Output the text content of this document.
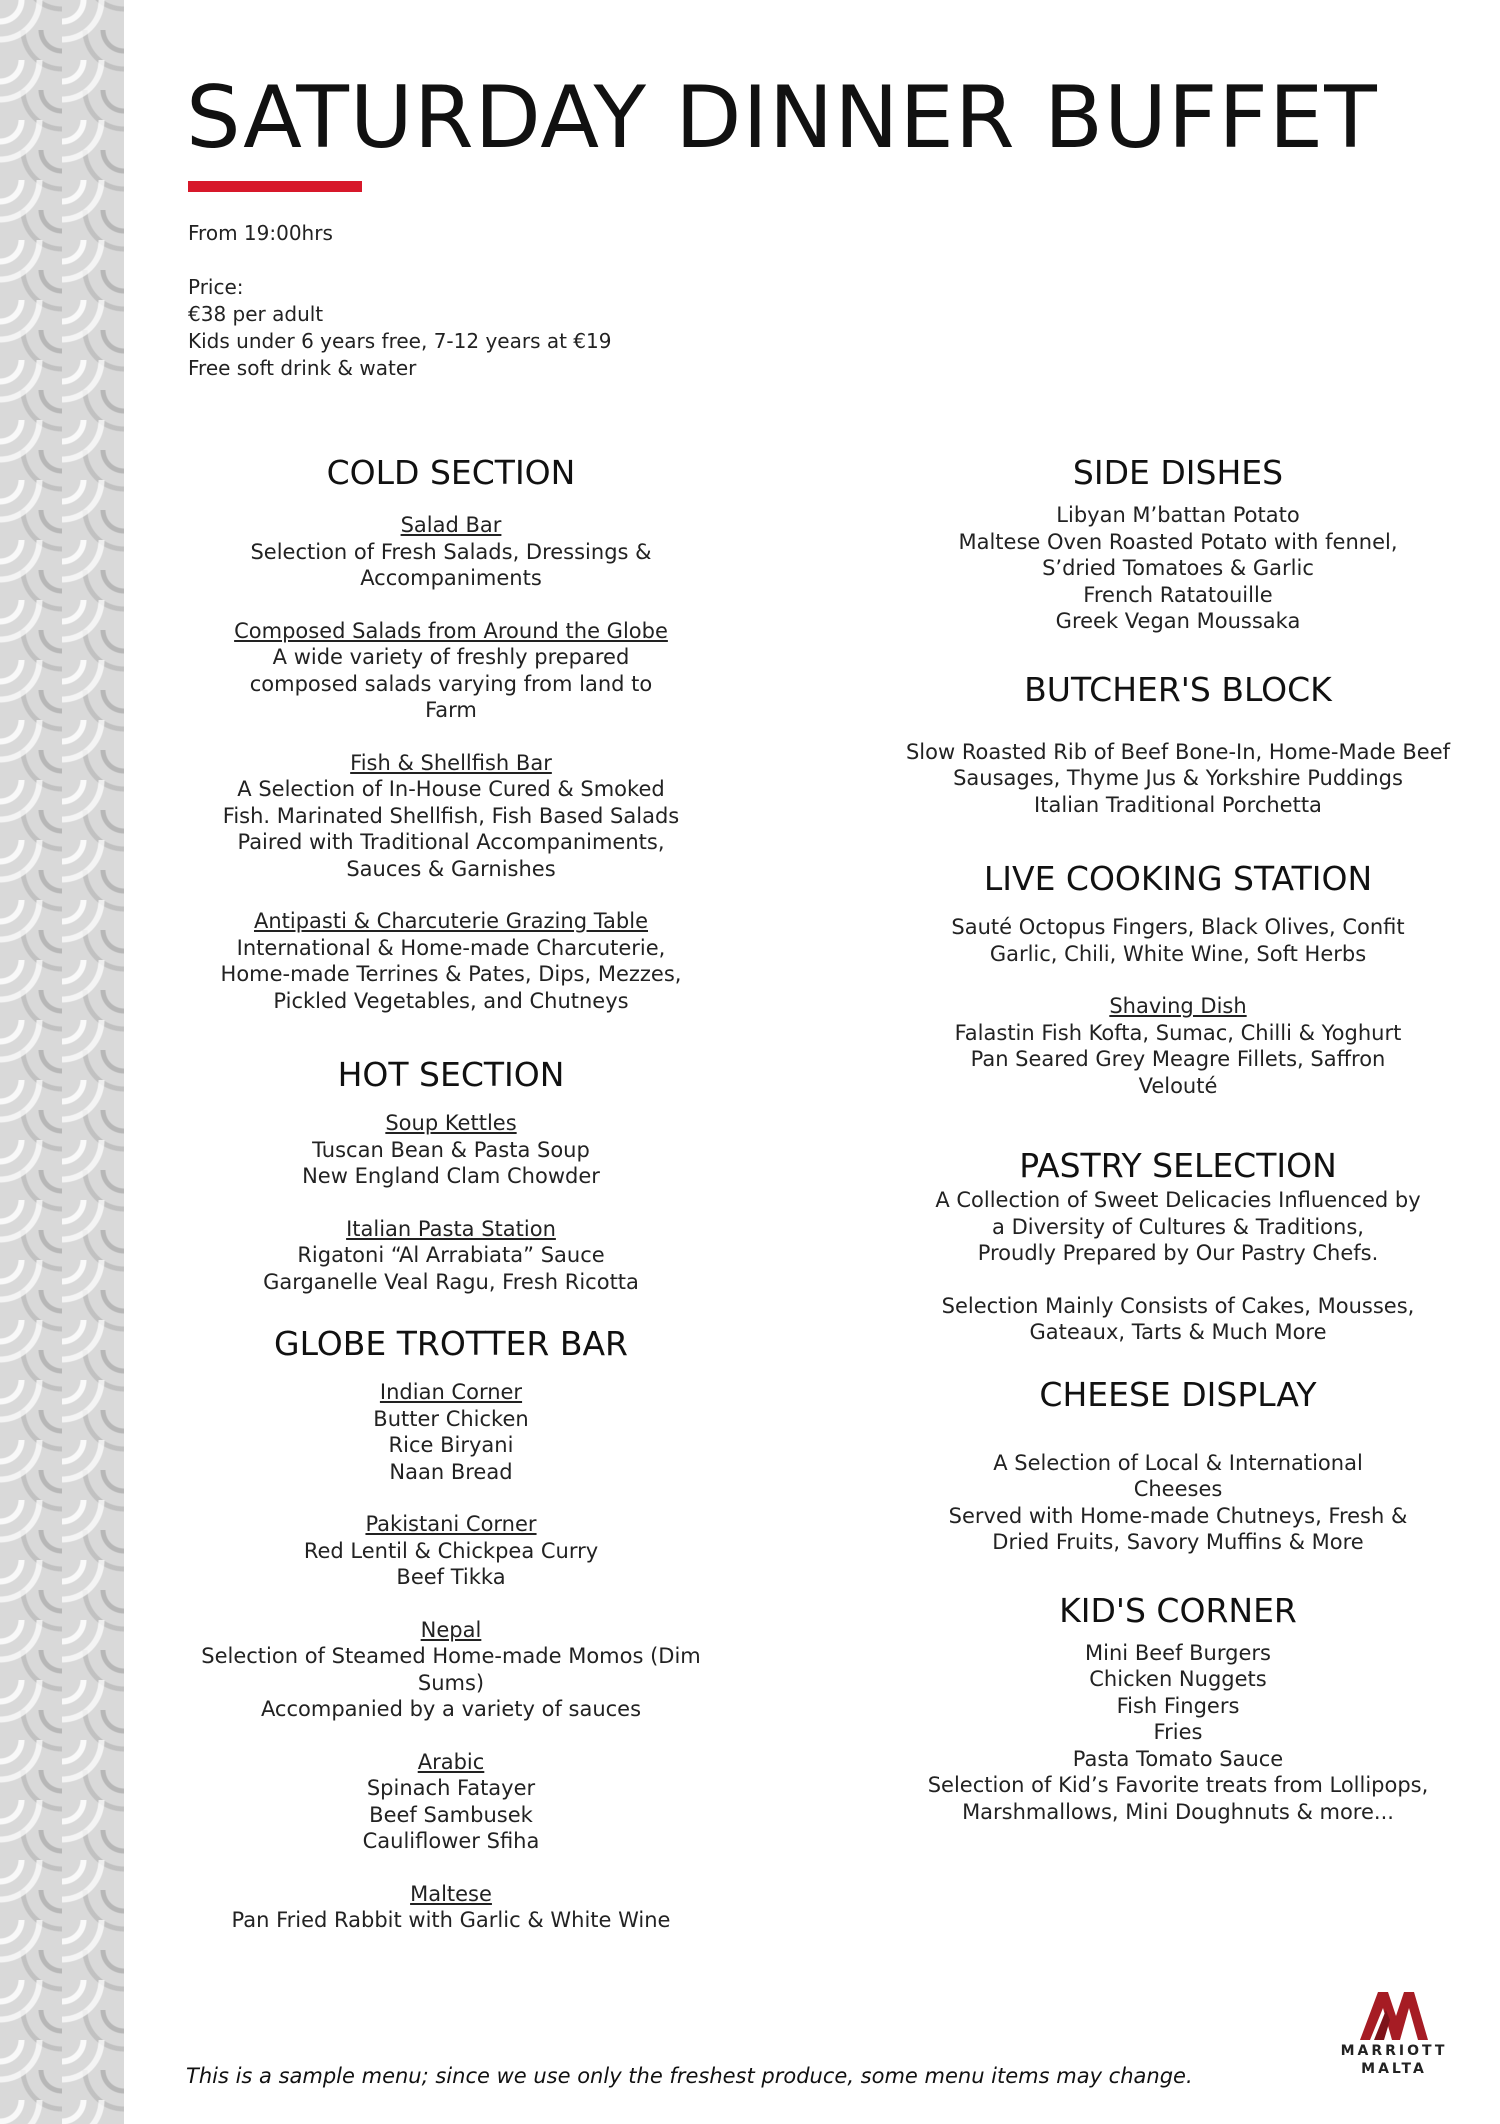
SATURDAY DINNER BUFFET

From 19:00hrs

Price:

€38 per adult

Kids under 6 years free, 7-12 years at €19

Free soft drink & water

COLD SECTION

Salad Bar

Selection of Fresh Salads, Dressings &

Accompaniments

Composed Salads from Around the Globe

A wide variety of freshly prepared

composed salads varying from land to

Farm

Fish & Shellfish Bar

A Selection of In-House Cured & Smoked

Fish. Marinated Shellfish, Fish Based Salads

Paired with Traditional Accompaniments,

Sauces & Garnishes

Antipasti & Charcuterie Grazing Table

International & Home-made Charcuterie,

Home-made Terrines & Pates, Dips, Mezzes,

Pickled Vegetables, and Chutneys

HOT SECTION

Soup Kettles

Tuscan Bean & Pasta Soup

New England Clam Chowder

Italian Pasta Station

Rigatoni “Al Arrabiata” Sauce

Garganelle Veal Ragu, Fresh Ricotta

GLOBE TROTTER BAR

Indian Corner

Butter Chicken

Rice Biryani

Naan Bread

Pakistani Corner

Red Lentil & Chickpea Curry

Beef Tikka

Nepal

Selection of Steamed Home-made Momos (Dim

Sums)

Accompanied by a variety of sauces

Arabic

Spinach Fatayer

Beef Sambusek

Cauliflower Sfiha

Maltese

Pan Fried Rabbit with Garlic & White Wine

SIDE DISHES

Libyan M’battan Potato

Maltese Oven Roasted Potato with fennel,

S’dried Tomatoes & Garlic

French Ratatouille

Greek Vegan Moussaka

BUTCHER'S BLOCK

Slow Roasted Rib of Beef Bone-In, Home-Made Beef

Sausages, Thyme Jus & Yorkshire Puddings

Italian Traditional Porchetta

LIVE COOKING STATION

Sauté Octopus Fingers, Black Olives, Confit

Garlic, Chili, White Wine, Soft Herbs

Shaving Dish

Falastin Fish Kofta, Sumac, Chilli & Yoghurt

Pan Seared Grey Meagre Fillets, Saffron

Velouté

PASTRY SELECTION

A Collection of Sweet Delicacies Influenced by

a Diversity of Cultures & Traditions,

Proudly Prepared by Our Pastry Chefs.

Selection Mainly Consists of Cakes, Mousses,

Gateaux, Tarts & Much More

CHEESE DISPLAY

A Selection of Local & International

Cheeses

Served with Home-made Chutneys, Fresh &

Dried Fruits, Savory Muffins & More

KID'S CORNER

Mini Beef Burgers

Chicken Nuggets

Fish Fingers

Fries

Pasta Tomato Sauce

Selection of Kid’s Favorite treats from Lollipops,

Marshmallows, Mini Doughnuts & more...

This is a sample menu; since we use only the freshest produce, some menu items may change.
MARRIOTT
MALTA
